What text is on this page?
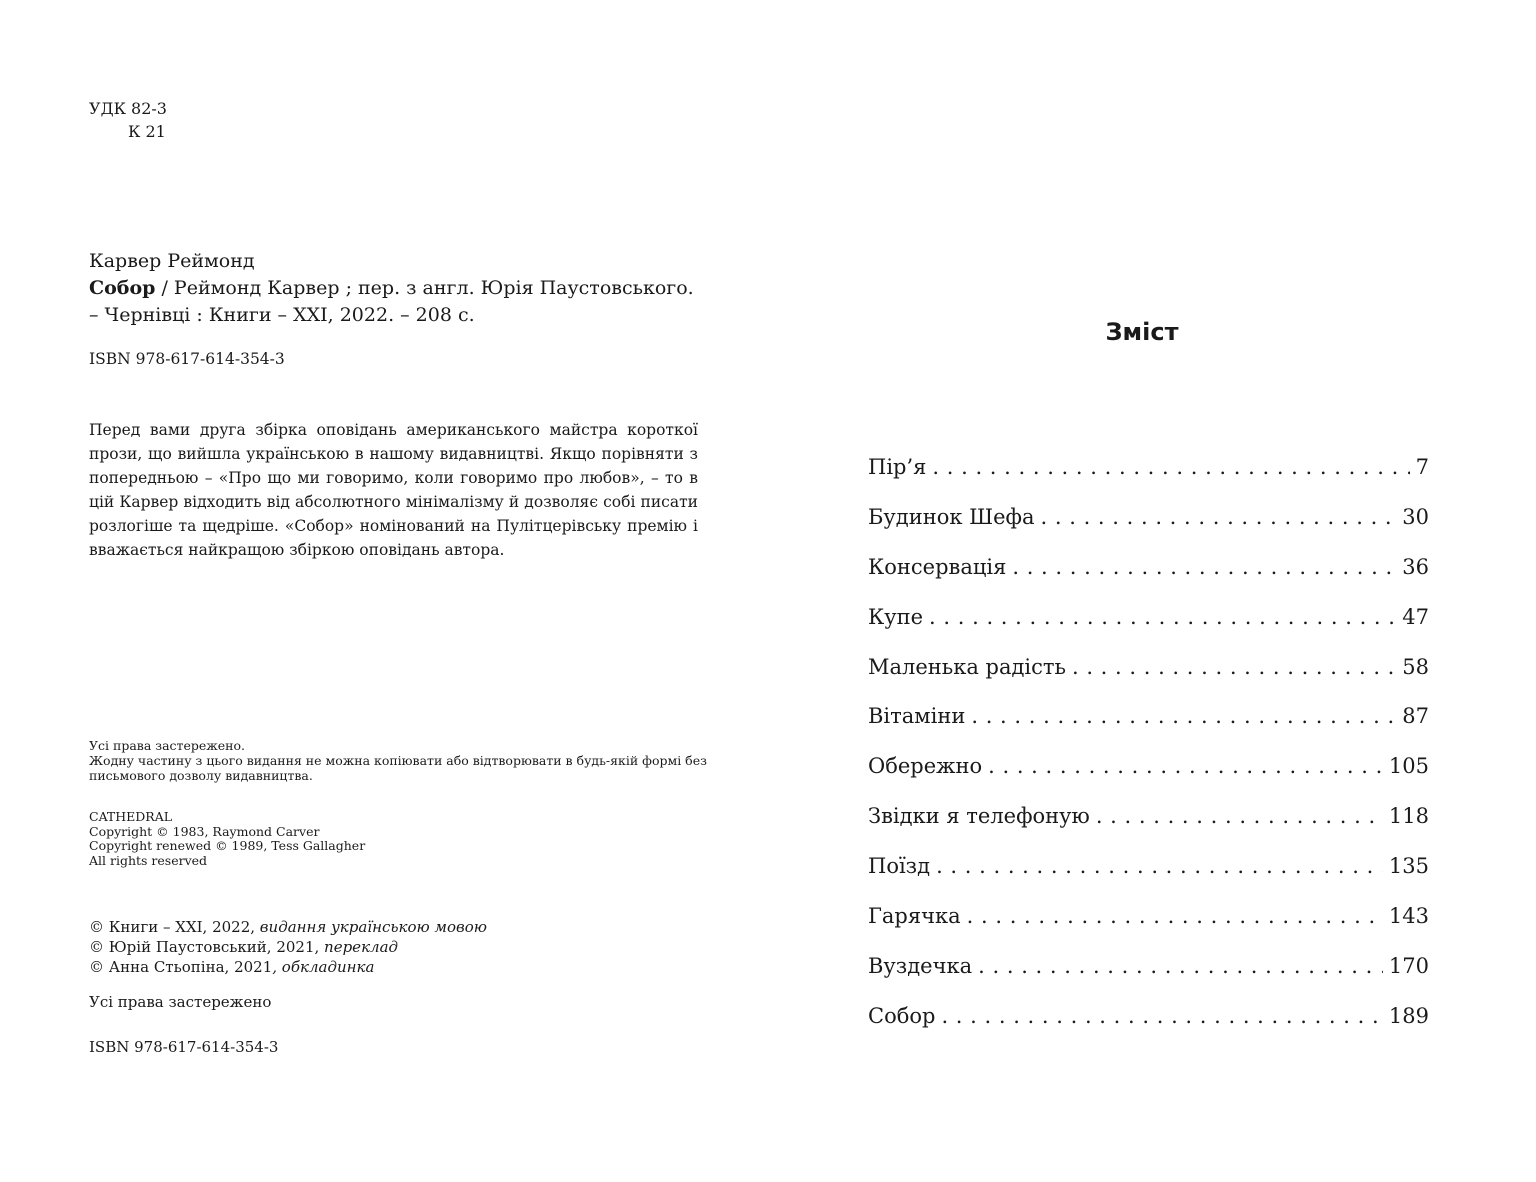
УДК 82-3
К 21

Карвер Реймонд

Собор / Реймонд Карвер ; пер. з англ. Юрія Паустовського. – Чернівці : Книги – XXI, 2022. – 208 с.

ISBN 978-617-614-354-3

Перед вами друга збірка оповідань американського майстра короткої прози, що вийшла українською в нашому видавництві. Якщо порівняти з попередньою – «Про що ми говоримо, коли говоримо про любов», – то в цій Карвер відходить від абсолютного мінімалізму й дозволяє собі писати розлогіше та щедріше. «Собор» номінований на Пулітцерівську премію і вважається найкращою збіркою оповідань автора.

Усі права застережено.
Жодну частину з цього видання не можна копіювати або відтворювати в будь-якій формі без письмового дозволу видавництва.
CATHEDRAL
Copyright © 1983, Raymond Carver
Copyright renewed © 1989, Tess Gallagher
All rights reserved
© Книги – XXI, 2022, видання українською мовою
© Юрій Паустовський, 2021, переклад
© Анна Стьопіна, 2021, обкладинка
Усі права застережено
ISBN 978-617-614-354-3
Зміст
Пір’я . . .	7
Будинок Шефа . . .	30
Консервація . . .	36
Купе . . .	47
Маленька радість . . .	58
Вітаміни . . .	87
Обережно . . .	105
Звідки я телефоную . . .	118
Поїзд . . .	135
Гарячка . . .	143
Вуздечка . . .	170
Собор . . .	189
